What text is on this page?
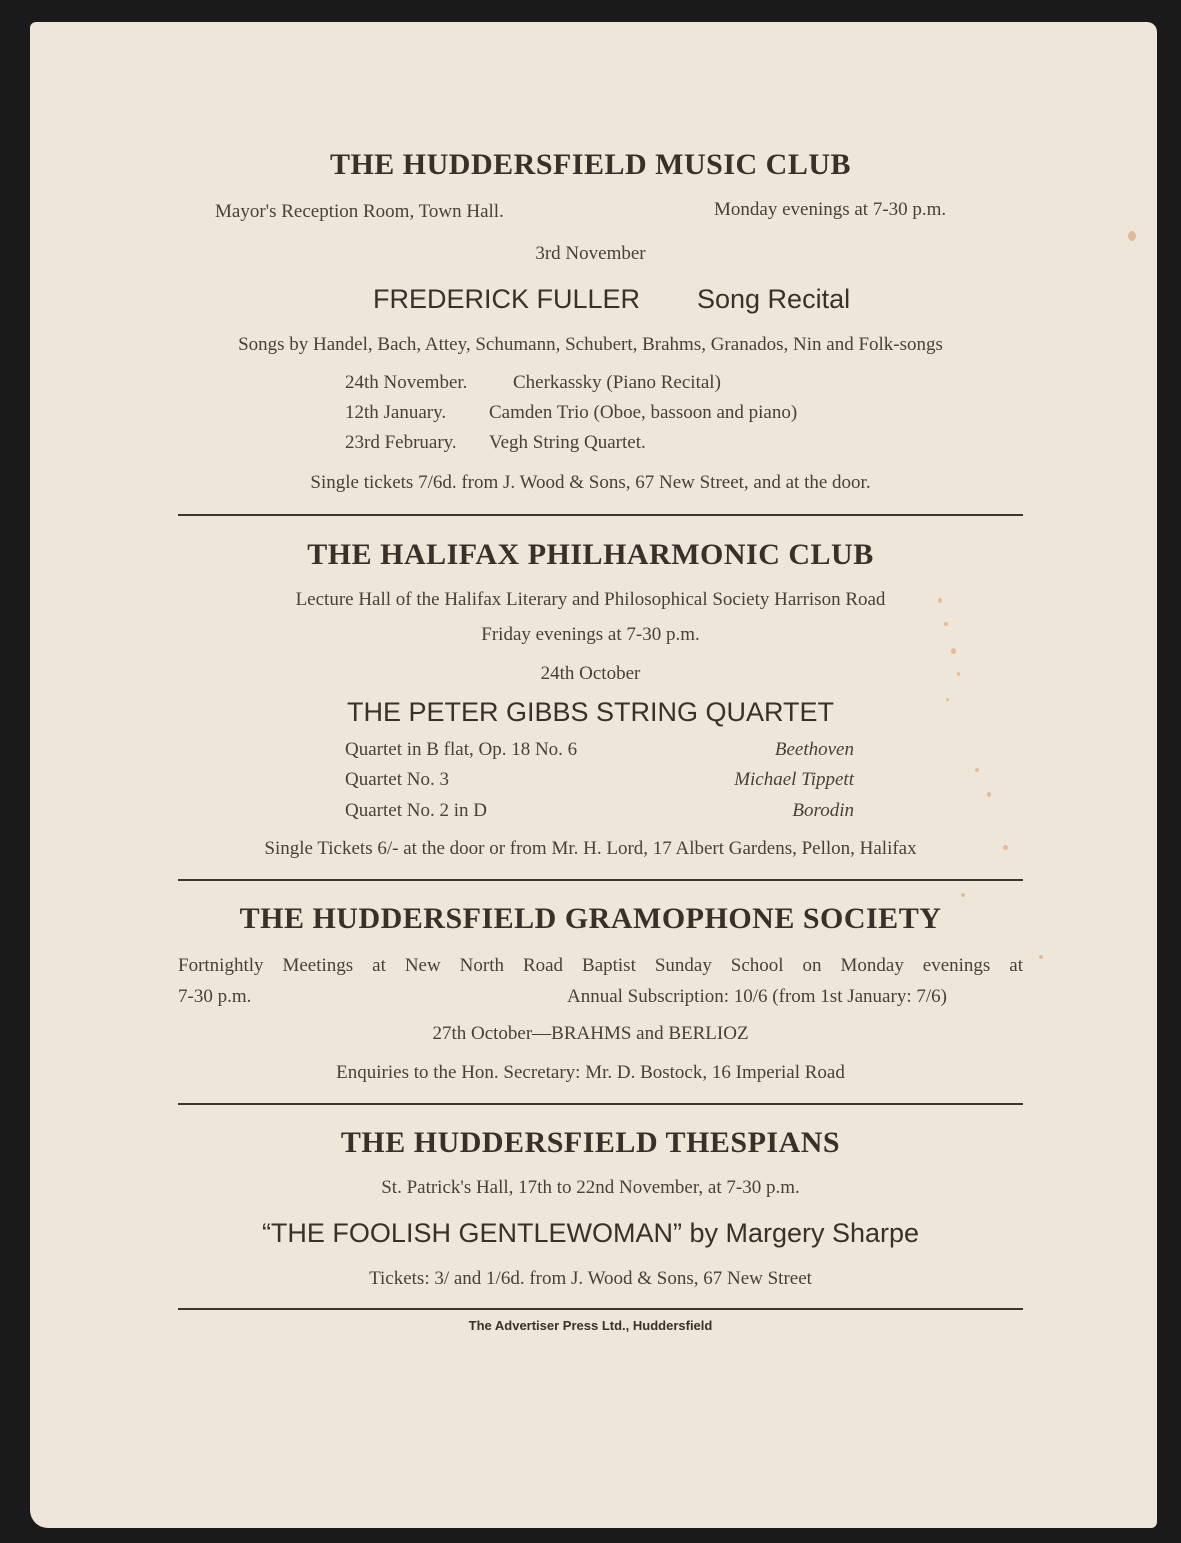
THE HUDDERSFIELD MUSIC CLUB
Mayor's Reception Room, Town Hall.	Monday evenings at 7-30 p.m.
3rd November
FREDERICK FULLER Song Recital
Songs by Handel, Bach, Attey, Schumann, Schubert, Brahms, Granados, Nin and Folk-songs
24th November. Cherkassky (Piano Recital)
12th January. Camden Trio (Oboe, bassoon and piano)
23rd February. Vegh String Quartet.
Single tickets 7/6d. from J. Wood & Sons, 67 New Street, and at the door.
THE HALIFAX PHILHARMONIC CLUB
Lecture Hall of the Halifax Literary and Philosophical Society Harrison Road
Friday evenings at 7-30 p.m.
24th October
THE PETER GIBBS STRING QUARTET
Quartet in B flat, Op. 18 No. 6	Beethoven
Quartet No. 3	Michael Tippett
Quartet No. 2 in D	Borodin
Single Tickets 6/- at the door or from Mr. H. Lord, 17 Albert Gardens, Pellon, Halifax
THE HUDDERSFIELD GRAMOPHONE SOCIETY
Fortnightly Meetings at New North Road Baptist Sunday School on Monday evenings at
7-30 p.m.	Annual Subscription: 10/6 (from 1st January: 7/6)
27th October—BRAHMS and BERLIOZ
Enquiries to the Hon. Secretary: Mr. D. Bostock, 16 Imperial Road
THE HUDDERSFIELD THESPIANS
St. Patrick's Hall, 17th to 22nd November, at 7-30 p.m.
“THE FOOLISH GENTLEWOMAN” by Margery Sharpe
Tickets: 3/ and 1/6d. from J. Wood & Sons, 67 New Street
The Advertiser Press Ltd., Huddersfield
